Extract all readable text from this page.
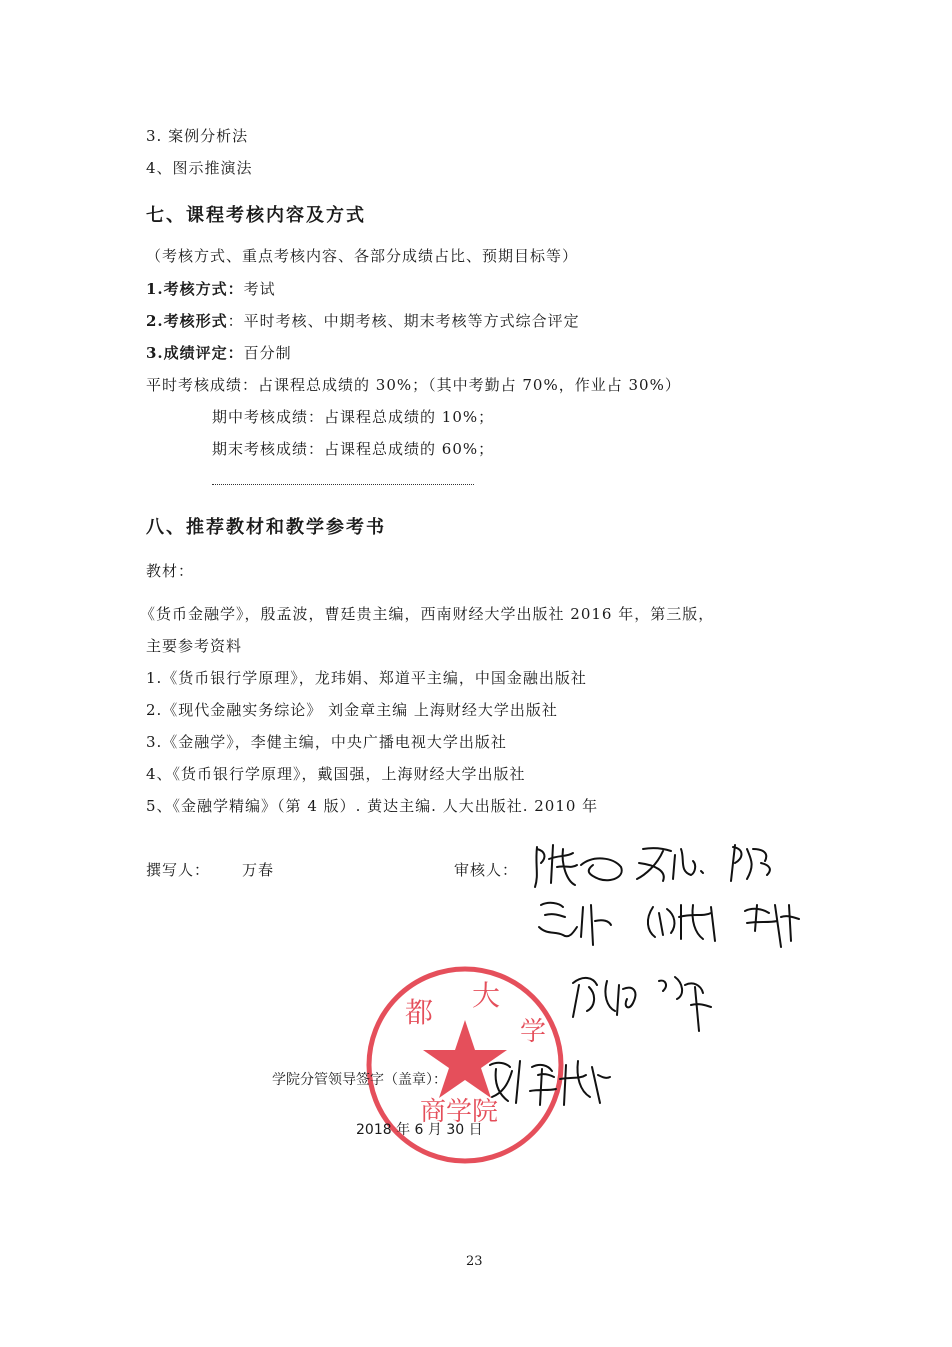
3. 案例分析法
4、图示推演法
七、课程考核内容及方式
（考核方式、重点考核内容、各部分成绩占比、预期目标等）
1.考核方式：考试
2.考核形式：平时考核、中期考核、期末考核等方式综合评定
3.成绩评定：百分制
平时考核成绩：占课程总成绩的 30%；（其中考勤占 70%，作业占 30%）
期中考核成绩：占课程总成绩的 10%；
期末考核成绩：占课程总成绩的 60%；
八、推荐教材和教学参考书
教材：
《货币金融学》，殷孟波，曹廷贵主编，西南财经大学出版社 2016 年，第三版，
主要参考资料
1.《货币银行学原理》，龙玮娟、郑道平主编，中国金融出版社
2.《现代金融实务综论》 刘金章主编 上海财经大学出版社
3.《金融学》，李健主编，中央广播电视大学出版社
4、《货币银行学原理》，戴国强，上海财经大学出版社
5、《金融学精编》（第 4 版）. 黄达主编. 人大出版社. 2010 年
撰写人： 万春	审核人：
都
大
学
商学院
学院分管领导签字（盖章）：
2018 年 6 月 30 日
23
